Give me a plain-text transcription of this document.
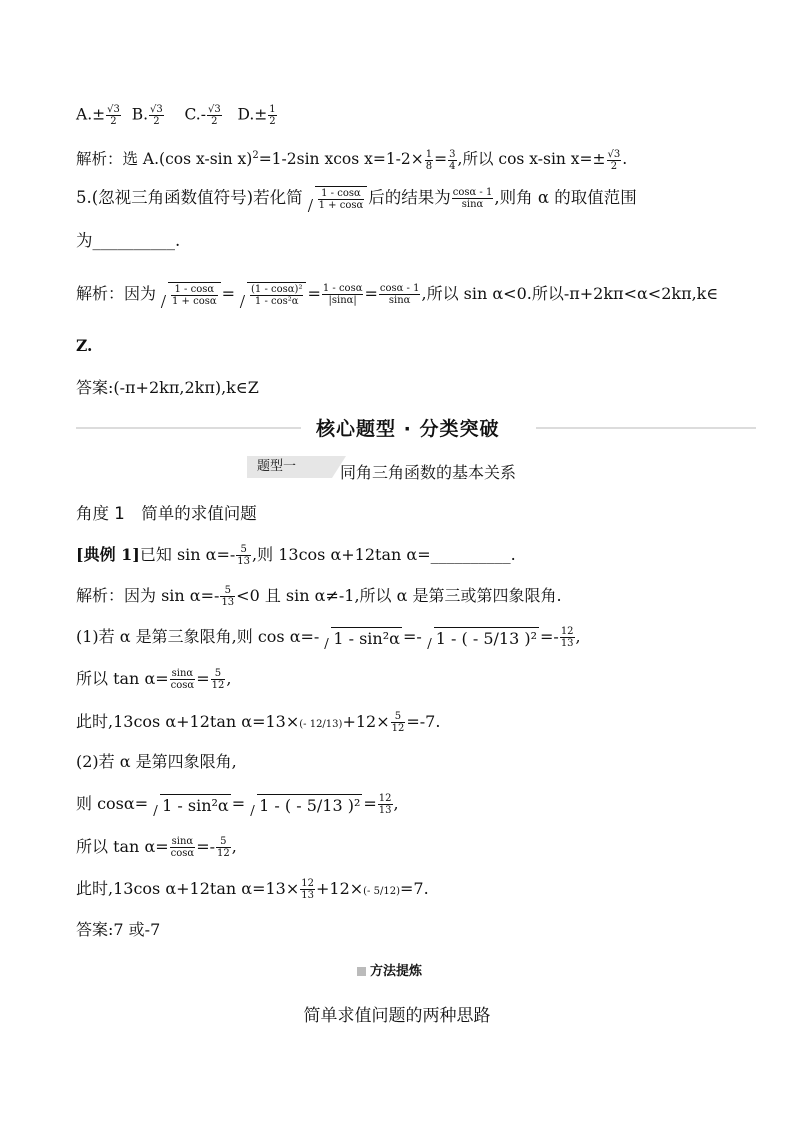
$A.\pm \frac{√3}{2} B$. $\frac{√3}{2} C.- \frac{√3}{2} D.\pm \frac{1}{2}$
解析：选 A.(cos x-sin x)$^2$=1-2sin xcos $x=1-2\times \frac{1}{8} = \frac{3}{4}$ ,所以 cos x-sin $x=\pm \frac{√3}{2}$ .
5.(忽视三角函数值符号)若化简 $\frac{1 - \cos\alpha}{1 + \cos\alpha}$ 后的结果为 $\frac{\cos\alpha - 1}{\sin\alpha}$ ,则角 α 的取值范围
为__________.
解析：因为 $\frac{1 - \cos\alpha}{1 + \cos\alpha} = \frac{\text{(1 - cosα)²}}{\text{1 - cos²α}} = \frac{1 - \cos\alpha}{|\sin\alpha|} = \frac{\cos\alpha - 1}{\sin\alpha}$ ,所以 sin α<0.所以-π+2kπ<α<2kπ,k∈
Z.
答案:(-π+2kπ,2kπ),k∈Z
核心题型 · 分类突破
题型一	同角三角函数的基本关系
角度 1　简单的求值问题
[典例 1]已知 $\sin \alpha=- \frac{5}{13}$ ,则 13cos α+12tan α=__________.
解析：因为 $\sin \alpha=- \frac{5}{13} <0$ 且 sin α≠-1,所以 α 是第三或第四象限角.
(1)若 α 是第三象限角,则 cos α=- 1 - sin²α =- 1 - ( - 5/13 )$^2 =- \frac{12}{13}$ ,
所以 $\tan \alpha= \frac{\sin\alpha}{\cos\alpha} = \frac{5}{12}$ ,
此时,13cos α+12tan α=13×(- $12/13)+12\times \frac{5}{12} =-7$.
(2)若 α 是第四象限角,
则 cosα= 1 - sin²α = 1 - ( - 5/13 )$^2 = \frac{12}{13}$ ,
所以 $\tan \alpha= \frac{\sin\alpha}{\cos\alpha} =- \frac{5}{12}$ ,
此时,13cos α+12tan $\alpha=13\times \frac{12}{13} +12\times(-$ 5/12)=7.
答案:7 或-7
方法提炼
简单求值问题的两种思路
